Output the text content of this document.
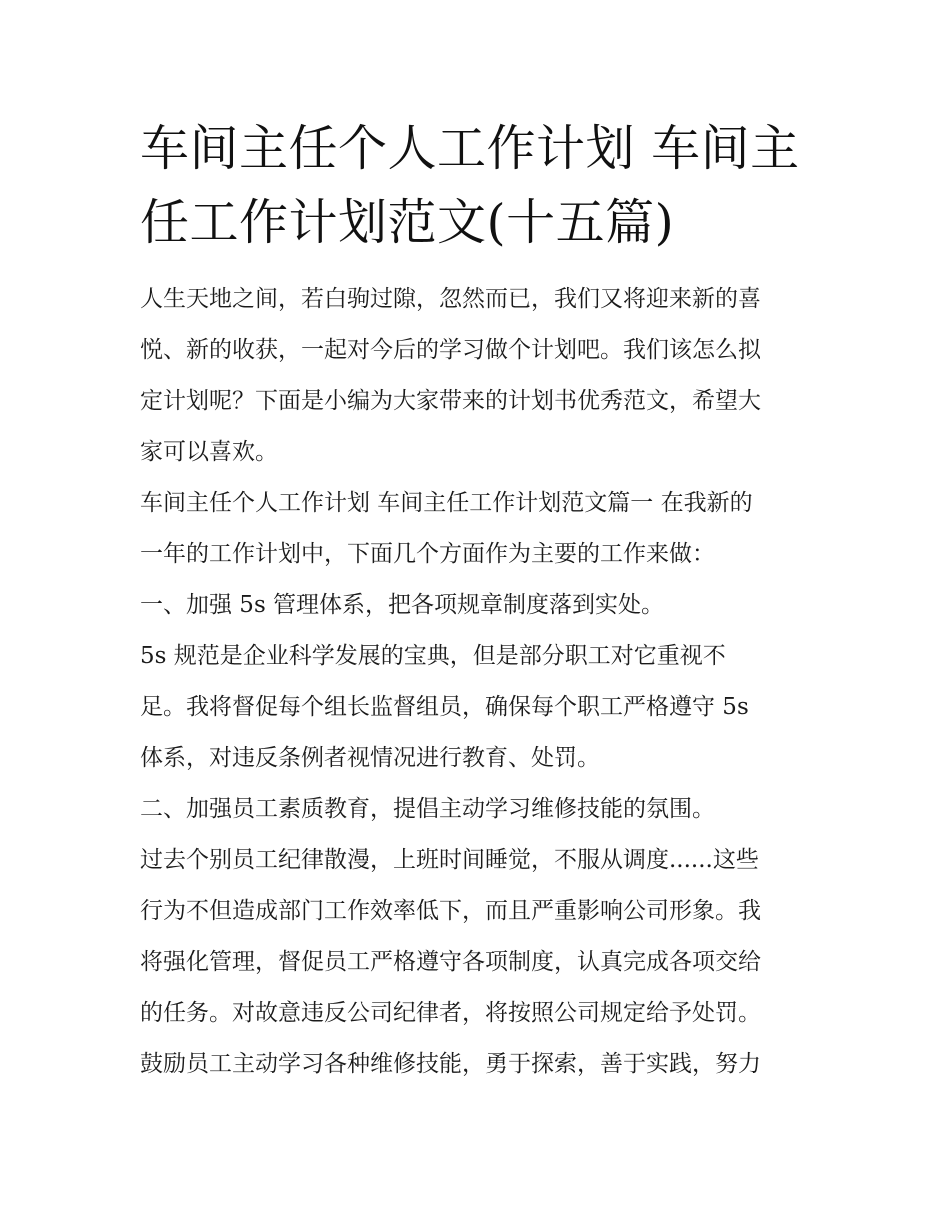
车间主任个人工作计划 车间主
任工作计划范文(十五篇)
人生天地之间，若白驹过隙，忽然而已，我们又将迎来新的喜
悦、新的收获，一起对今后的学习做个计划吧。我们该怎么拟
定计划呢？下面是小编为大家带来的计划书优秀范文，希望大
家可以喜欢。
车间主任个人工作计划 车间主任工作计划范文篇一 在我新的
一年的工作计划中，下面几个方面作为主要的工作来做：
一、加强 5s 管理体系，把各项规章制度落到实处。
5s 规范是企业科学发展的宝典，但是部分职工对它重视不
足。我将督促每个组长监督组员，确保每个职工严格遵守 5s
体系，对违反条例者视情况进行教育、处罚。
二、加强员工素质教育，提倡主动学习维修技能的氛围。
过去个别员工纪律散漫，上班时间睡觉，不服从调度......这些
行为不但造成部门工作效率低下，而且严重影响公司形象。我
将强化管理，督促员工严格遵守各项制度，认真完成各项交给
的任务。对故意违反公司纪律者，将按照公司规定给予处罚。
鼓励员工主动学习各种维修技能，勇于探索，善于实践，努力
